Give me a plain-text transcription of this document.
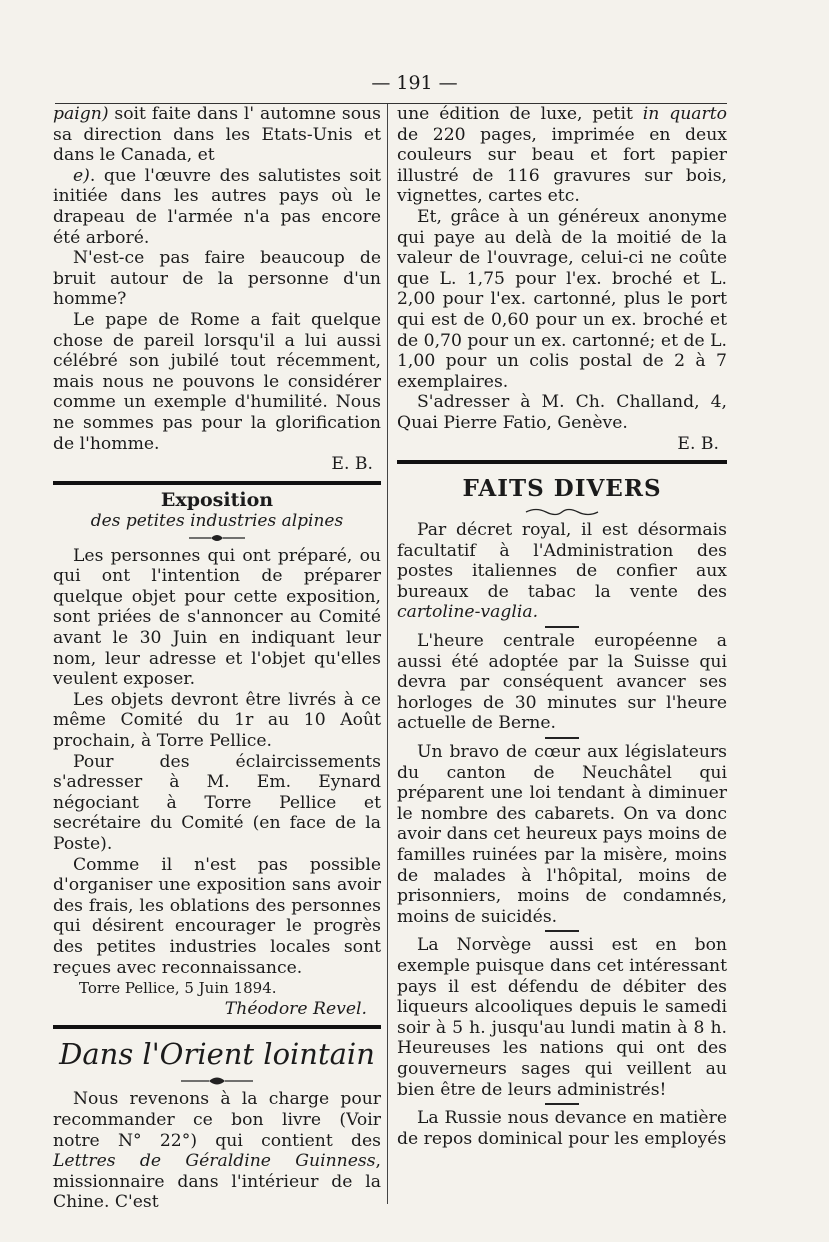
— 191 —

paign) soit faite dans l' automne sous sa direction dans les Etats-Unis et dans le Canada, et

e). que l'œuvre des salutistes soit initiée dans les autres pays où le drapeau de l'armée n'a pas encore été arboré.

N'est-ce pas faire beaucoup de bruit autour de la personne d'un homme?

Le pape de Rome a fait quelque chose de pareil lorsqu'il a lui aussi célébré son jubilé tout récemment, mais nous ne pouvons le considérer comme un exemple d'humilité. Nous ne sommes pas pour la glorification de l'homme.

E. B.

Exposition

des petites industries alpines

Les personnes qui ont préparé, ou qui ont l'intention de préparer quelque objet pour cette exposition, sont priées de s'annoncer au Comité avant le 30 Juin en indiquant leur nom, leur adresse et l'objet qu'elles veulent exposer.

Les objets devront être livrés à ce même Comité du 1r au 10 Août prochain, à Torre Pellice.

Pour des éclaircissements s'adresser à M. Em. Eynard négociant à Torre Pellice et secrétaire du Comité (en face de la Poste).

Comme il n'est pas possible d'organiser une exposition sans avoir des frais, les oblations des personnes qui désirent encourager le progrès des petites industries locales sont reçues avec reconnaissance.

Torre Pellice, 5 Juin 1894.

Théodore Revel.

Dans l'Orient lointain

Nous revenons à la charge pour recommander ce bon livre (Voir notre N° 22°) qui contient des Lettres de Géraldine Guinness, missionnaire dans l'intérieur de la Chine. C'est

une édition de luxe, petit in quarto de 220 pages, imprimée en deux couleurs sur beau et fort papier illustré de 116 gravures sur bois, vignettes, cartes etc.

Et, grâce à un généreux anonyme qui paye au delà de la moitié de la valeur de l'ouvrage, celui-ci ne coûte que L. 1,75 pour l'ex. broché et L. 2,00 pour l'ex. cartonné, plus le port qui est de 0,60 pour un ex. broché et de 0,70 pour un ex. cartonné; et de L. 1,00 pour un colis postal de 2 à 7 exemplaires.

S'adresser à M. Ch. Challand, 4, Quai Pierre Fatio, Genève.

E. B.

FAITS DIVERS

Par décret royal, il est désormais facultatif à l'Administration des postes italiennes de confier aux bureaux de tabac la vente des cartoline-vaglia.

L'heure centrale européenne a aussi été adoptée par la Suisse qui devra par conséquent avancer ses horloges de 30 minutes sur l'heure actuelle de Berne.

Un bravo de cœur aux législateurs du canton de Neuchâtel qui préparent une loi tendant à diminuer le nombre des cabarets. On va donc avoir dans cet heureux pays moins de familles ruinées par la misère, moins de malades à l'hôpital, moins de prisonniers, moins de condamnés, moins de suicidés.

La Norvège aussi est en bon exemple puisque dans cet intéressant pays il est défendu de débiter des liqueurs alcooliques depuis le samedi soir à 5 h. jusqu'au lundi matin à 8 h. Heureuses les nations qui ont des gouverneurs sages qui veillent au bien être de leurs administrés!

La Russie nous devance en matière de repos dominical pour les employés
